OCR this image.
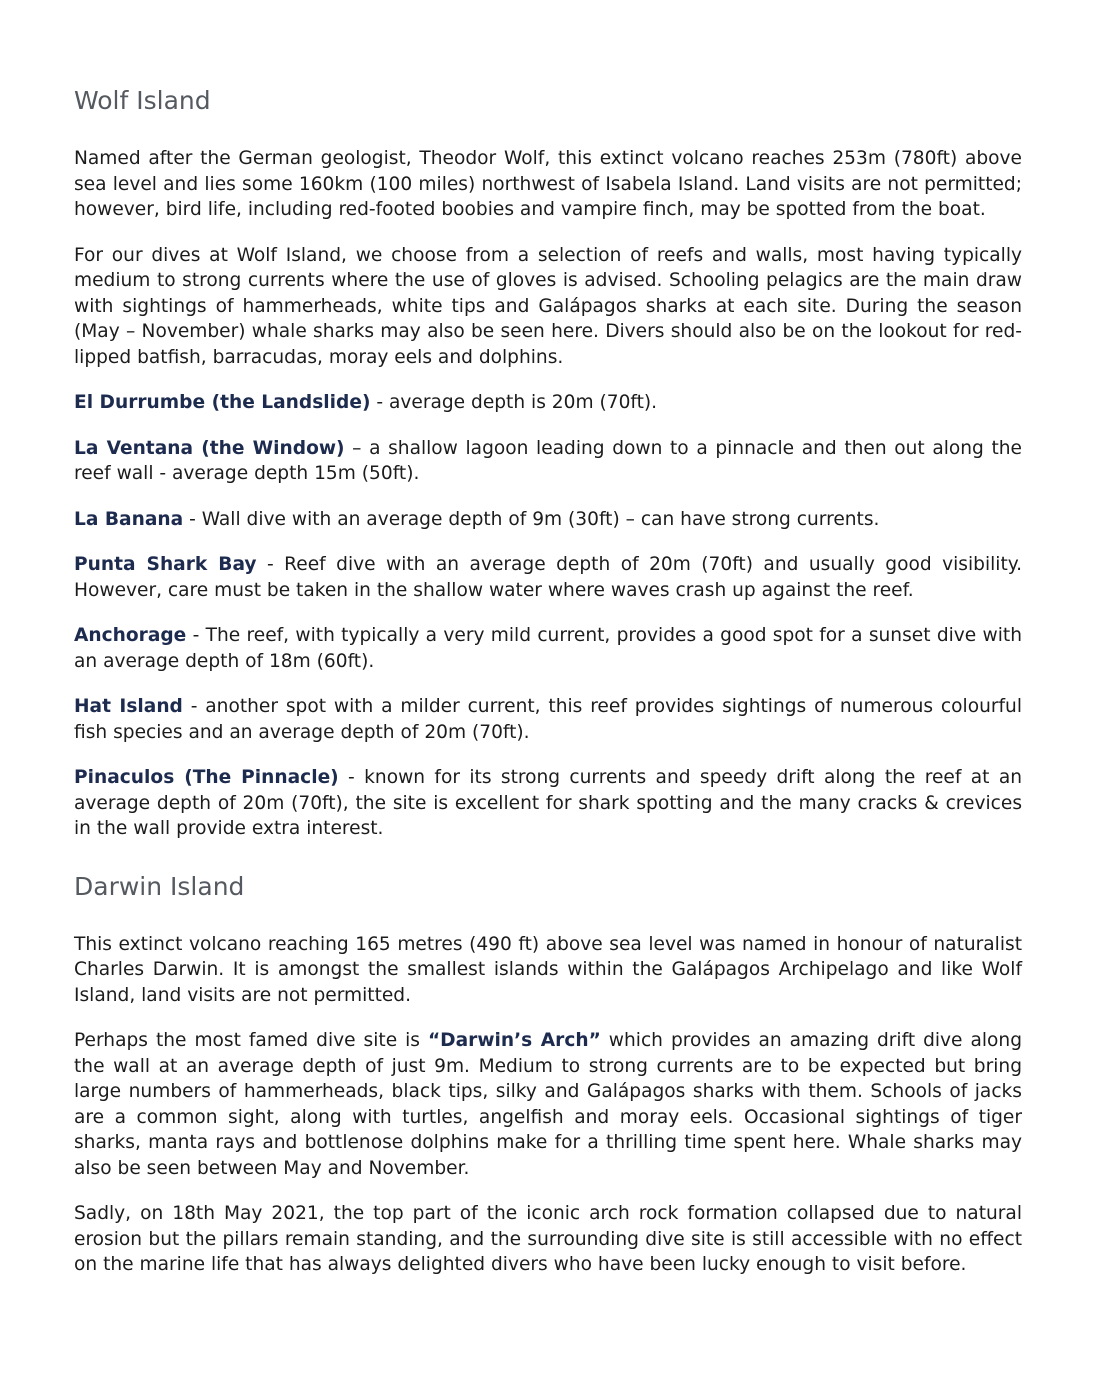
Wolf Island

Named after the German geologist, Theodor Wolf, this extinct volcano reaches 253m (780ft) above sea level and lies some 160km (100 miles) northwest of Isabela Island. Land visits are not permitted; however, bird life, including red-footed boobies and vampire finch, may be spotted from the boat.

For our dives at Wolf Island, we choose from a selection of reefs and walls, most having typically medium to strong currents where the use of gloves is advised. Schooling pelagics are the main draw with sightings of hammerheads, white tips and Galápagos sharks at each site. During the season (May – November) whale sharks may also be seen here. Divers should also be on the lookout for red-lipped batfish, barracudas, moray eels and dolphins.

El Durrumbe (the Landslide) - average depth is 20m (70ft).

La Ventana (the Window) – a shallow lagoon leading down to a pinnacle and then out along the reef wall - average depth 15m (50ft).

La Banana - Wall dive with an average depth of 9m (30ft) – can have strong currents.

Punta Shark Bay - Reef dive with an average depth of 20m (70ft) and usually good visibility. However, care must be taken in the shallow water where waves crash up against the reef.

Anchorage - The reef, with typically a very mild current, provides a good spot for a sunset dive with an average depth of 18m (60ft).

Hat Island - another spot with a milder current, this reef provides sightings of numerous colourful fish species and an average depth of 20m (70ft).

Pinaculos (The Pinnacle) - known for its strong currents and speedy drift along the reef at an average depth of 20m (70ft), the site is excellent for shark spotting and the many cracks & crevices in the wall provide extra interest.

Darwin Island

This extinct volcano reaching 165 metres (490 ft) above sea level was named in honour of naturalist Charles Darwin. It is amongst the smallest islands within the Galápagos Archipelago and like Wolf Island, land visits are not permitted.

Perhaps the most famed dive site is “Darwin’s Arch” which provides an amazing drift dive along the wall at an average depth of just 9m. Medium to strong currents are to be expected but bring large numbers of hammerheads, black tips, silky and Galápagos sharks with them. Schools of jacks are a common sight, along with turtles, angelfish and moray eels. Occasional sightings of tiger sharks, manta rays and bottlenose dolphins make for a thrilling time spent here. Whale sharks may also be seen between May and November.

Sadly, on 18th May 2021, the top part of the iconic arch rock formation collapsed due to natural erosion but the pillars remain standing, and the surrounding dive site is still accessible with no effect on the marine life that has always delighted divers who have been lucky enough to visit before.
